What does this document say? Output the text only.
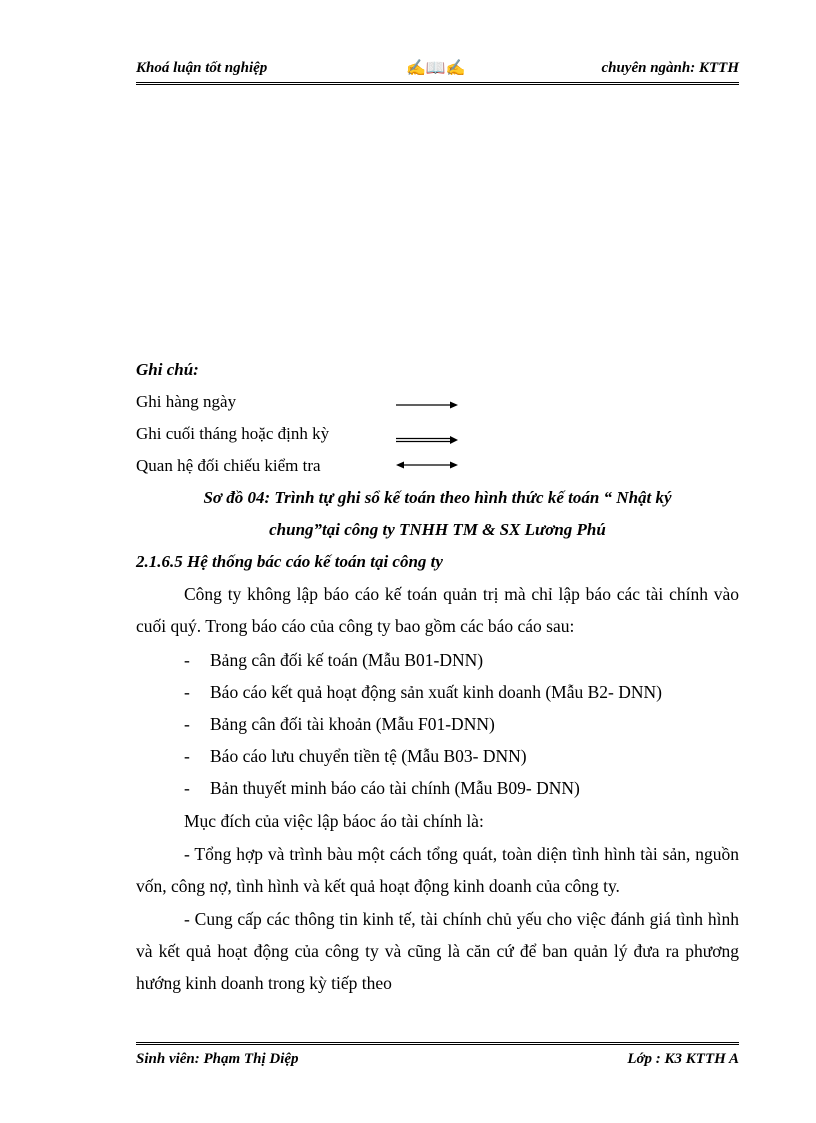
Khoá luận tốt nghiệp	✍📖✍	chuyên ngành: KTTH
Ghi chú:
Ghi hàng ngày
Ghi cuối tháng hoặc định kỳ
Quan hệ đối chiếu kiểm tra
Sơ đồ 04: Trình tự ghi sổ kế toán theo hình thức kế toán “ Nhật ký
chung”tại công ty TNHH TM & SX Lương Phú
2.1.6.5 Hệ thống bác cáo kế toán tại công ty
Công ty không lập báo cáo kế toán quản trị mà chỉ lập báo các tài chính vào cuối quý. Trong báo cáo của công ty bao gồm các báo cáo sau:
- Bảng cân đối kế toán (Mẫu B01-DNN)
- Báo cáo kết quả hoạt động sản xuất kinh doanh (Mẫu B2- DNN)
- Bảng cân đối tài khoản (Mẫu F01-DNN)
- Báo cáo lưu chuyển tiền tệ (Mẫu B03- DNN)
- Bản thuyết minh báo cáo tài chính (Mẫu B09- DNN)
Mục đích của việc lập báoc áo tài chính là:
- Tổng hợp và trình bàu một cách tổng quát, toàn diện tình hình tài sản, nguồn vốn, công nợ, tình hình và kết quả hoạt động kinh doanh của công ty.
- Cung cấp các thông tin kinh tế, tài chính chủ yếu cho việc đánh giá tình hình và kết quả hoạt động của công ty và cũng là căn cứ để ban quản lý đưa ra phương hướng kinh doanh trong kỳ tiếp theo
Sinh viên: Phạm Thị Diệp	Lớp : K3 KTTH A
